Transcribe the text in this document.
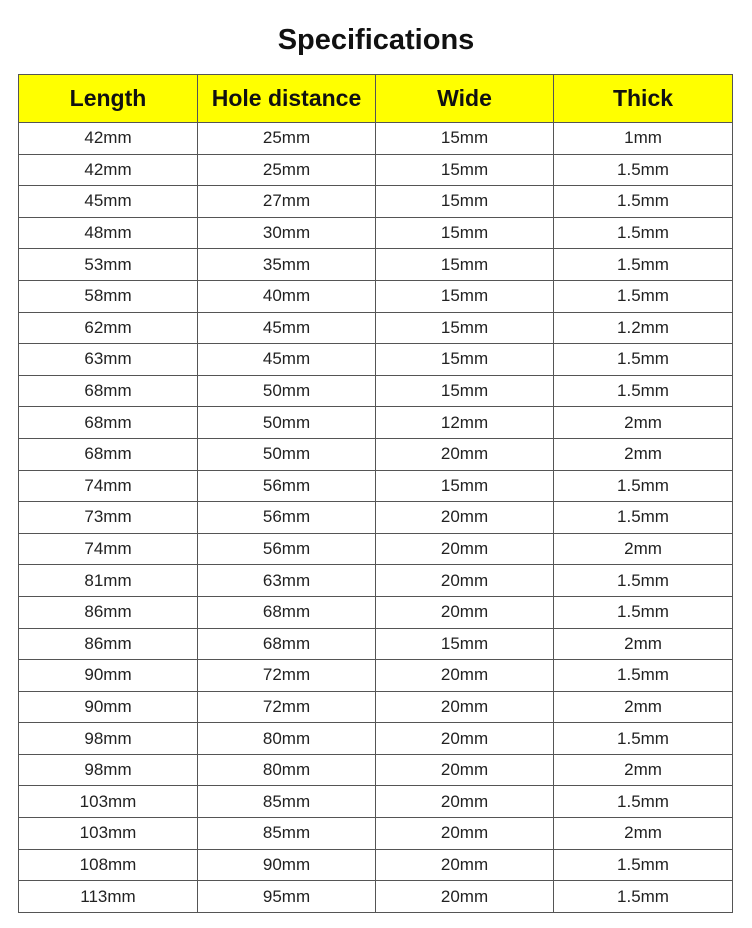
Specifications
Length	Hole distance	Wide	Thick
42mm	25mm	15mm	1mm
42mm	25mm	15mm	1.5mm
45mm	27mm	15mm	1.5mm
48mm	30mm	15mm	1.5mm
53mm	35mm	15mm	1.5mm
58mm	40mm	15mm	1.5mm
62mm	45mm	15mm	1.2mm
63mm	45mm	15mm	1.5mm
68mm	50mm	15mm	1.5mm
68mm	50mm	12mm	2mm
68mm	50mm	20mm	2mm
74mm	56mm	15mm	1.5mm
73mm	56mm	20mm	1.5mm
74mm	56mm	20mm	2mm
81mm	63mm	20mm	1.5mm
86mm	68mm	20mm	1.5mm
86mm	68mm	15mm	2mm
90mm	72mm	20mm	1.5mm
90mm	72mm	20mm	2mm
98mm	80mm	20mm	1.5mm
98mm	80mm	20mm	2mm
103mm	85mm	20mm	1.5mm
103mm	85mm	20mm	2mm
108mm	90mm	20mm	1.5mm
113mm	95mm	20mm	1.5mm
